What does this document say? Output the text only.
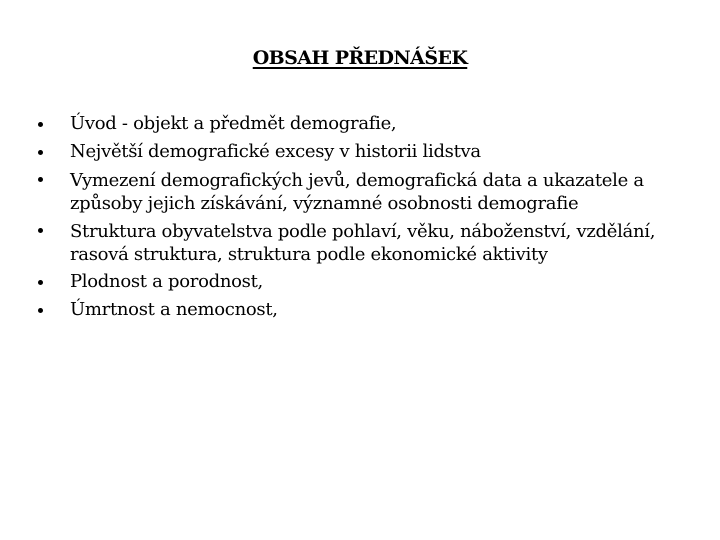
OBSAH PŘEDNÁŠEK
Úvod - objekt a předmět demografie,
Největší demografické excesy v historii lidstva
Vymezení demografických jevů, demografická data a ukazatele a způsoby jejich získávání, významné osobnosti demografie
Struktura obyvatelstva podle pohlaví, věku, náboženství, vzdělání, rasová struktura, struktura podle ekonomické aktivity
Plodnost a porodnost,
Úmrtnost a nemocnost,
